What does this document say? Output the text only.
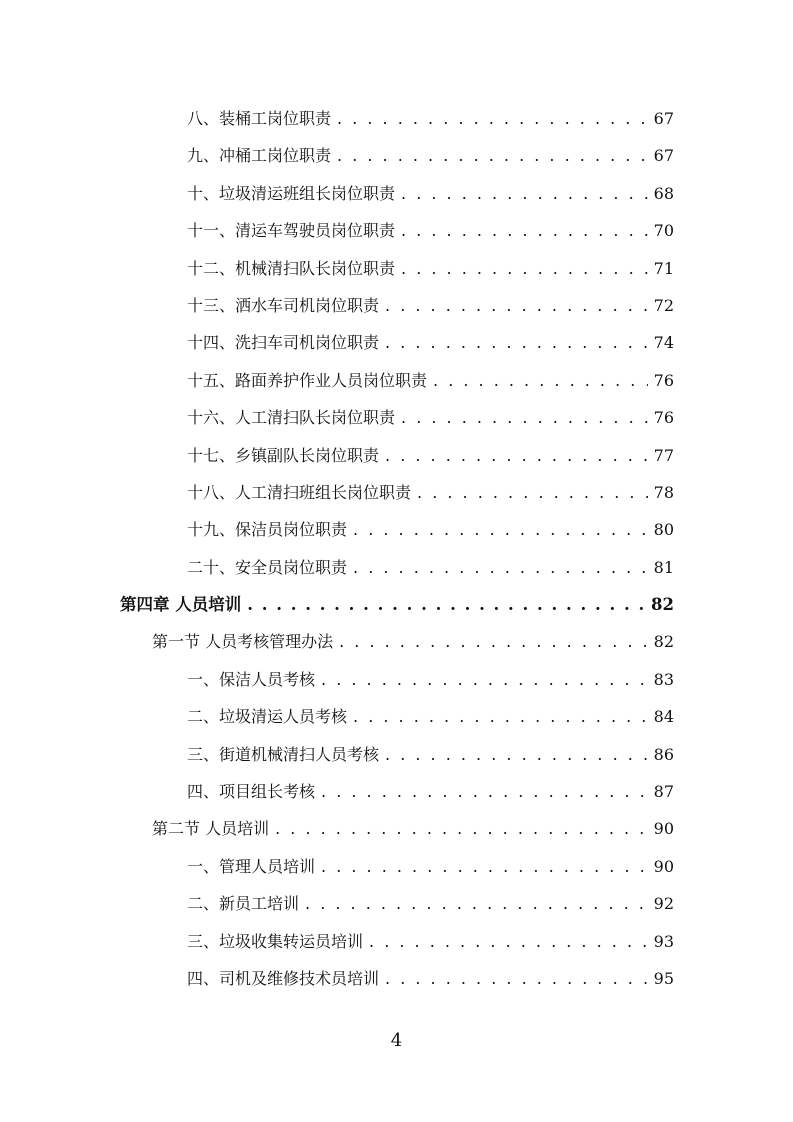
八、装桶工岗位职责 . . .	67
九、冲桶工岗位职责 . . .	67
十、垃圾清运班组长岗位职责 . . .	68
十一、清运车驾驶员岗位职责 . . .	70
十二、机械清扫队长岗位职责 . . .	71
十三、洒水车司机岗位职责 . . .	72
十四、洗扫车司机岗位职责 . . .	74
十五、路面养护作业人员岗位职责 . . .	76
十六、人工清扫队长岗位职责 . . .	76
十七、乡镇副队长岗位职责 . . .	77
十八、人工清扫班组长岗位职责 . . .	78
十九、保洁员岗位职责 . . .	80
二十、安全员岗位职责 . . .	81
第四章 人员培训 . . .	82
第一节 人员考核管理办法 . . .	82
一、保洁人员考核 . . .	83
二、垃圾清运人员考核 . . .	84
三、街道机械清扫人员考核 . . .	86
四、项目组长考核 . . .	87
第二节 人员培训 . . .	90
一、管理人员培训 . . .	90
二、新员工培训 . . .	92
三、垃圾收集转运员培训 . . .	93
四、司机及维修技术员培训 . . .	95
4
